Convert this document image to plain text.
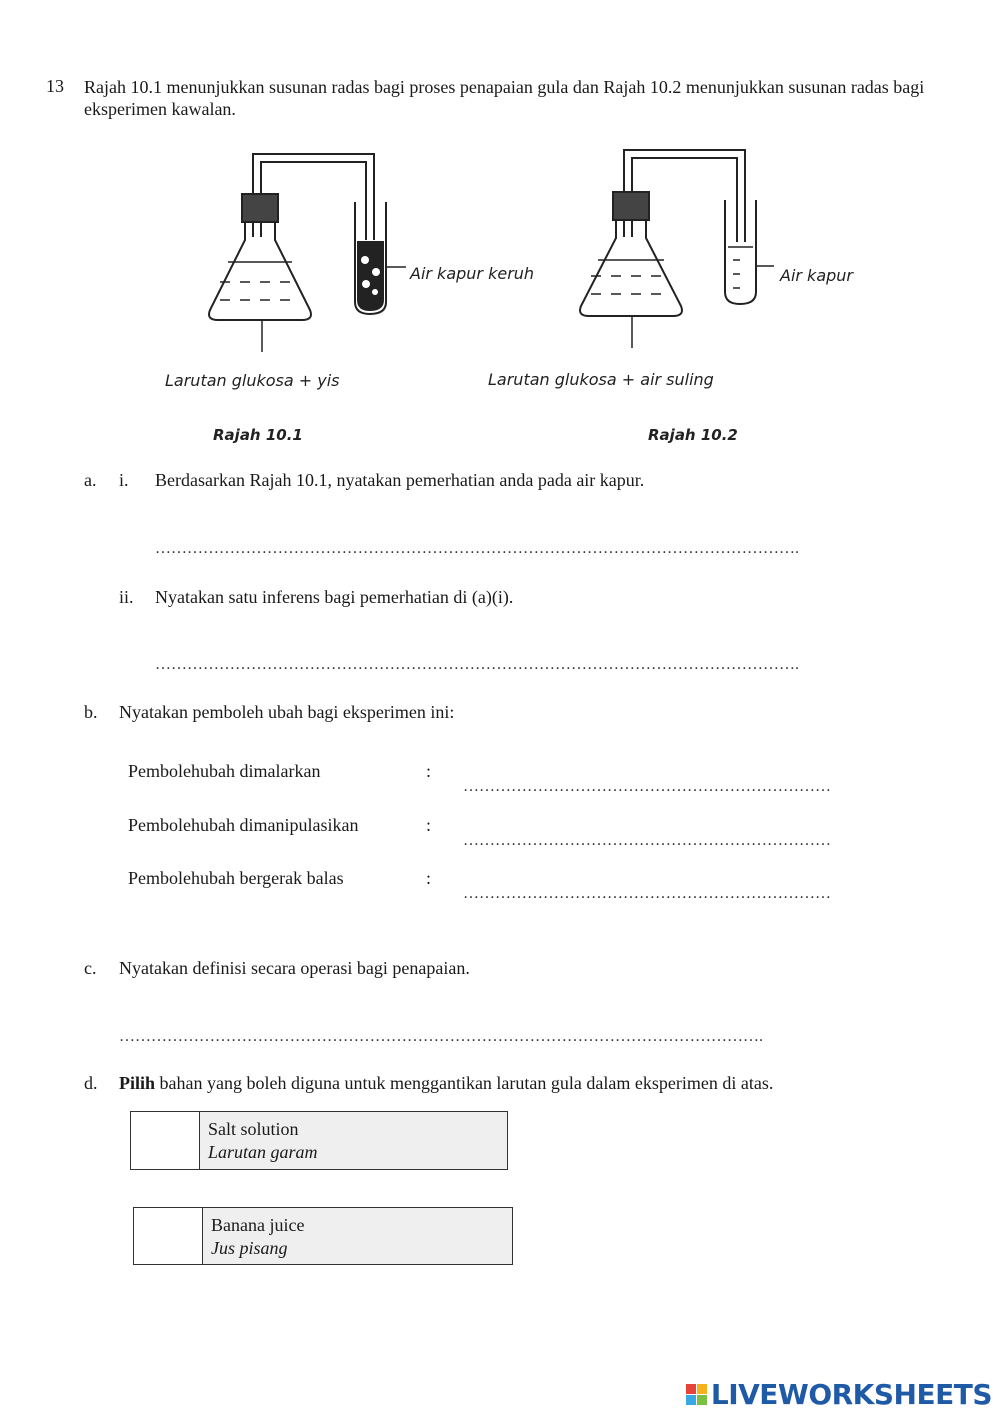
13 Rajah 10.1 menunjukkan susunan radas bagi proses penapaian gula dan Rajah 10.2 menunjukkan susunan radas bagi eksperimen kawalan.
Air kapur keruh	Air kapur
Larutan glukosa + yis	Larutan glukosa + air suling
Rajah 10.1	Rajah 10.2
a. i. Berdasarkan Rajah 10.1, nyatakan pemerhatian anda pada air kapur.
………………………………………………………………………………………………………….
ii. Nyatakan satu inferens bagi pemerhatian di (a)(i).
………………………………………………………………………………………………………….
b. Nyatakan pemboleh ubah bagi eksperimen ini:
Pembolehubah dimalarkan	:
……………………………………………………………
Pembolehubah dimanipulasikan	:
……………………………………………………………
Pembolehubah bergerak balas	:
……………………………………………………………
c. Nyatakan definisi secara operasi bagi penapaian.
………………………………………………………………………………………………………….
d. Pilih bahan yang boleh diguna untuk menggantikan larutan gula dalam eksperimen di atas.
Salt solution
Larutan garam
Banana juice
Jus pisang
LIVEWORKSHEETS
